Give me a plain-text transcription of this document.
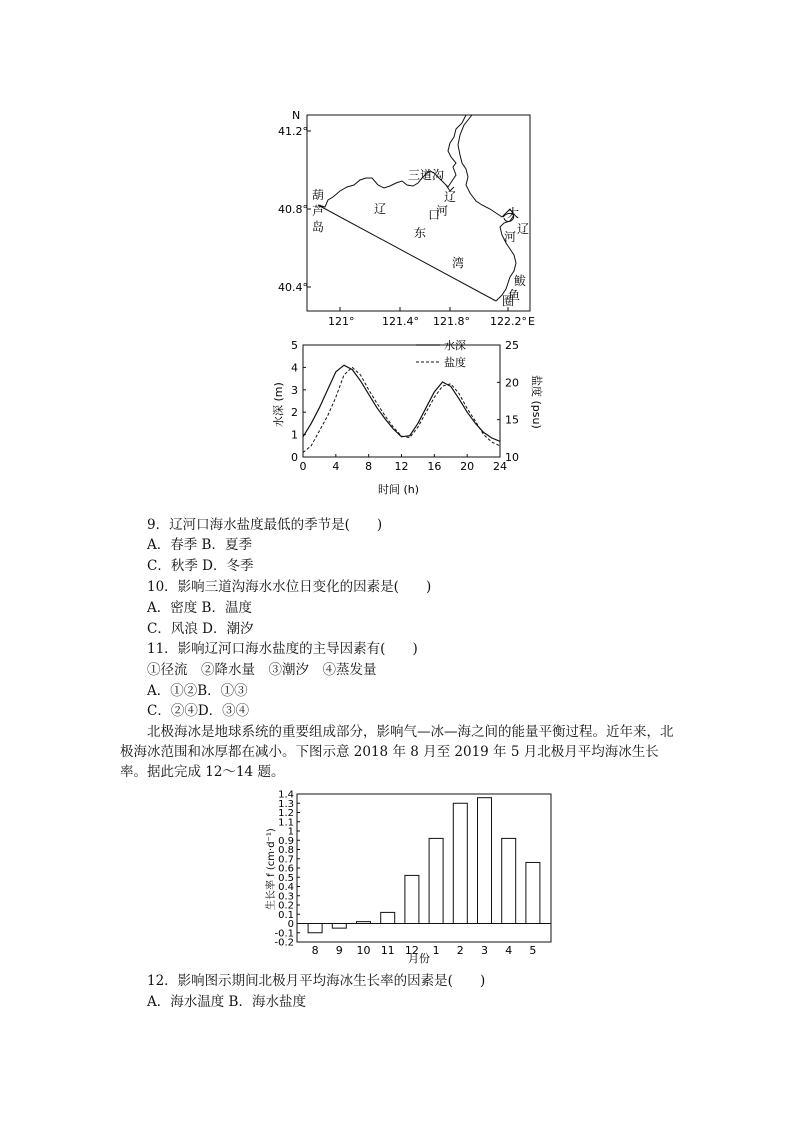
N
41.2°
40.8°
40.4°
121°	121.4° 121.8° 122.2° E
三道沟
葫
芦
岛
辽
东
湾
辽
河
口	大
辽
河
鲅
鱼
圈
0 4 8 12 16 20 24
0
1
2
3
4
5
10
15
20
25
水深
盐度
时间 (h)
水深 (m)	盐度 (psu)
9．辽河口海水盐度最低的季节是(　　)
A．春季 B．夏季
C．秋季 D．冬季
10．影响三道沟海水水位日变化的因素是(　　)
A．密度 B．温度
C．风浪 D．潮汐
11．影响辽河口海水盐度的主导因素有(　　)
①径流　②降水量　③潮汐　④蒸发量
A．①②B．①③
C．②④D．③④
北极海冰是地球系统的重要组成部分，影响气—冰—海之间的能量平衡过程。近年来，北极海冰范围和冰厚都在减小。下图示意 2018 年 8 月至 2019 年 5 月北极月平均海冰生长率。据此完成 12～14 题。
1.4
1.3
1.2
1.1
1
0.9
0.8
0.7
0.6
0.5
0.4
0.3
0.2
0.1
0
-0.1
-0.2
8 9 10 11 12 1 2 3 4 5
月份
生长率 f (cm·d⁻¹)
12．影响图示期间北极月平均海冰生长率的因素是(　　)
A．海水温度 B．海水盐度
